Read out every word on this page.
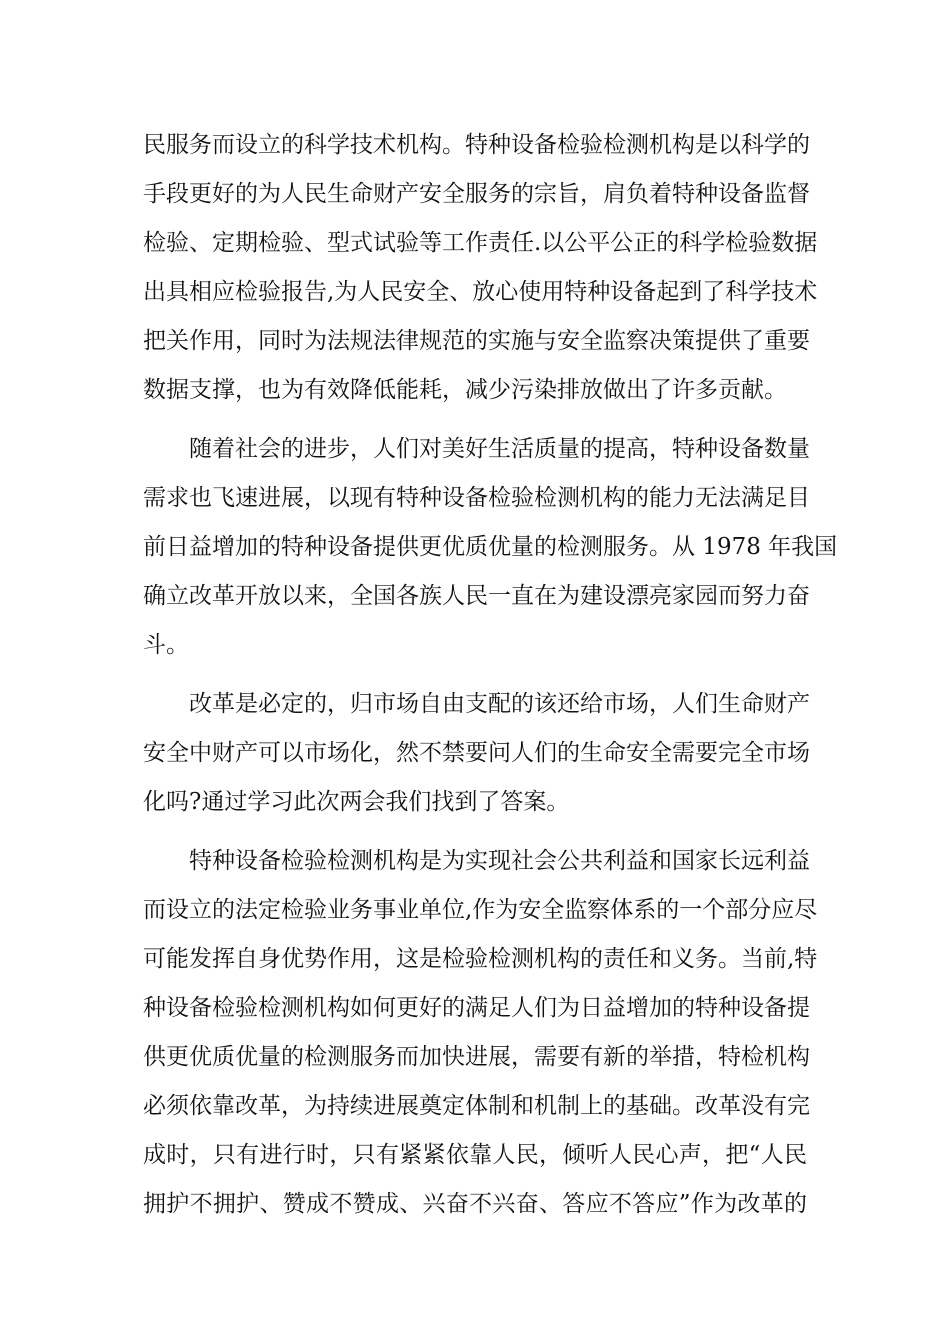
民服务而设立的科学技术机构。特种设备检验检测机构是以科学的
手段更好的为人民生命财产安全服务的宗旨，肩负着特种设备监督
检验、定期检验、型式试验等工作责任.以公平公正的科学检验数据
出具相应检验报告,为人民安全、放心使用特种设备起到了科学技术
把关作用，同时为法规法律规范的实施与安全监察决策提供了重要
数据支撑，也为有效降低能耗，减少污染排放做出了许多贡献。
随着社会的进步，人们对美好生活质量的提高，特种设备数量
需求也飞速进展，以现有特种设备检验检测机构的能力无法满足目
前日益增加的特种设备提供更优质优量的检测服务。从 1978 年我国
确立改革开放以来，全国各族人民一直在为建设漂亮家园而努力奋
斗。
改革是必定的，归市场自由支配的该还给市场，人们生命财产
安全中财产可以市场化，然不禁要问人们的生命安全需要完全市场
化吗?通过学习此次两会我们找到了答案。
特种设备检验检测机构是为实现社会公共利益和国家长远利益
而设立的法定检验业务事业单位,作为安全监察体系的一个部分应尽
可能发挥自身优势作用，这是检验检测机构的责任和义务。当前,特
种设备检验检测机构如何更好的满足人们为日益增加的特种设备提
供更优质优量的检测服务而加快进展，需要有新的举措，特检机构
必须依靠改革，为持续进展奠定体制和机制上的基础。改革没有完
成时，只有进行时，只有紧紧依靠人民，倾听人民心声，把“人民
拥护不拥护、赞成不赞成、兴奋不兴奋、答应不答应”作为改革的
